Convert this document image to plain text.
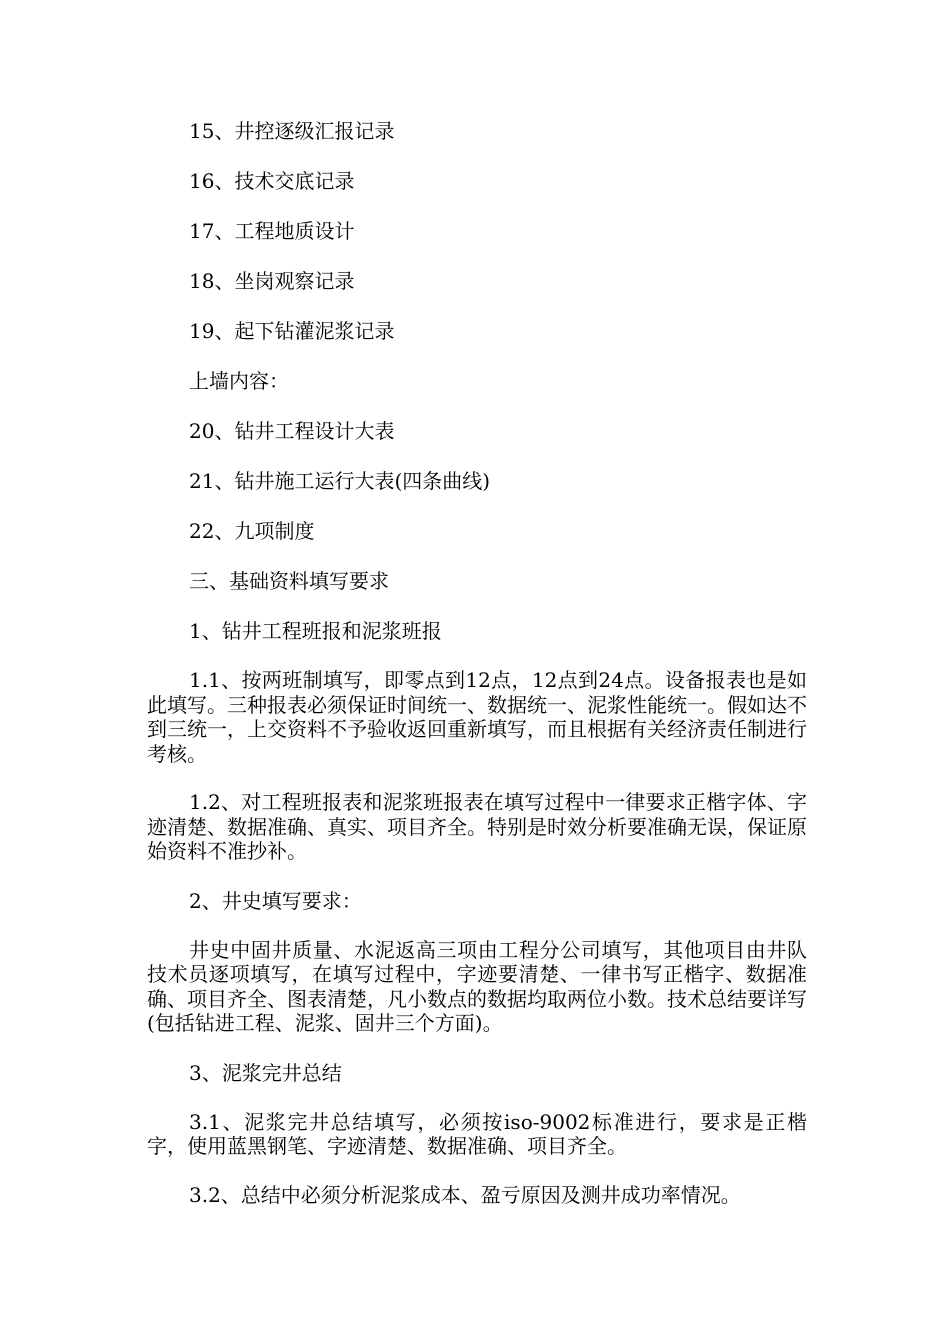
15、井控逐级汇报记录
16、技术交底记录
17、工程地质设计
18、坐岗观察记录
19、起下钻灌泥浆记录
上墙内容：
20、钻井工程设计大表
21、钻井施工运行大表(四条曲线)
22、九项制度
三、基础资料填写要求
1、钻井工程班报和泥浆班报

1.1、按两班制填写，即零点到12点，12点到24点。设备报表也是如此填写。三种报表必须保证时间统一、数据统一、泥浆性能统一。假如达不到三统一，上交资料不予验收返回重新填写，而且根据有关经济责任制进行考核。

1.2、对工程班报表和泥浆班报表在填写过程中一律要求正楷字体、字迹清楚、数据准确、真实、项目齐全。特别是时效分析要准确无误，保证原始资料不准抄补。

2、井史填写要求：

井史中固井质量、水泥返高三项由工程分公司填写，其他项目由井队技术员逐项填写，在填写过程中，字迹要清楚、一律书写正楷字、数据准确、项目齐全、图表清楚，凡小数点的数据均取两位小数。技术总结要详写(包括钻进工程、泥浆、固井三个方面)。

3、泥浆完井总结

3.1、泥浆完井总结填写，必须按iso-9002标准进行，要求是正楷字，使用蓝黑钢笔、字迹清楚、数据准确、项目齐全。

3.2、总结中必须分析泥浆成本、盈亏原因及测井成功率情况。
